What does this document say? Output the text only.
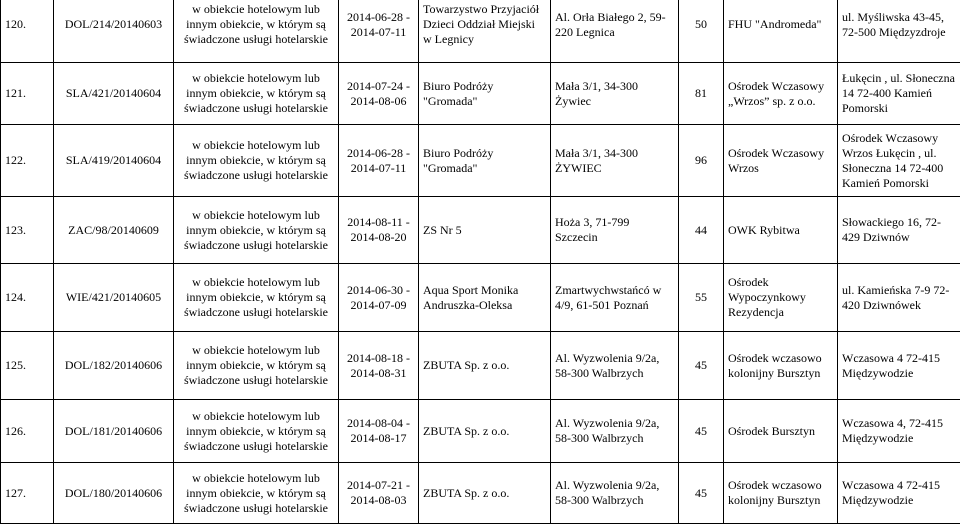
120.	DOL/214/20140603	w obiekcie hotelowym lub innym obiekcie, w którym są świadczone usługi hotelarskie	2014-06-28 - 2014-07-11	Towarzystwo Przyjaciół Dzieci Oddział Miejski w Legnicy	Al. Orła Białego 2, 59-220 Legnica	50	FHU "Andromeda"	ul. Myśliwska 43-45, 72-500 Międzyzdroje
121.	SLA/421/20140604	w obiekcie hotelowym lub innym obiekcie, w którym są świadczone usługi hotelarskie	2014-07-24 - 2014-08-06	Biuro Podróży "Gromada"	Mała 3/1, 34-300 Żywiec	81	Ośrodek Wczasowy „Wrzos” sp. z o.o.	Łukęcin , ul. Słoneczna 14 72-400 Kamień Pomorski
122.	SLA/419/20140604	w obiekcie hotelowym lub innym obiekcie, w którym są świadczone usługi hotelarskie	2014-06-28 - 2014-07-11	Biuro Podróży "Gromada"	Mała 3/1, 34-300 ŻYWIEC	96	Ośrodek Wczasowy Wrzos	Ośrodek Wczasowy Wrzos Łukęcin , ul. Słoneczna 14 72-400 Kamień Pomorski
123.	ZAC/98/20140609	w obiekcie hotelowym lub innym obiekcie, w którym są świadczone usługi hotelarskie	2014-08-11 - 2014-08-20	ZS Nr 5	Hoża 3, 71-799 Szczecin	44	OWK Rybitwa	Słowackiego 16, 72-429 Dziwnów
124.	WIE/421/20140605	w obiekcie hotelowym lub innym obiekcie, w którym są świadczone usługi hotelarskie	2014-06-30 - 2014-07-09	Aqua Sport Monika Andruszka-Oleksa	Zmartwychwstańcó w 4/9, 61-501 Poznań	55	Ośrodek Wypoczynkowy Rezydencja	ul. Kamieńska 7-9 72-420 Dziwnówek
125.	DOL/182/20140606	w obiekcie hotelowym lub innym obiekcie, w którym są świadczone usługi hotelarskie	2014-08-18 - 2014-08-31	ZBUTA Sp. z o.o.	Al. Wyzwolenia 9/2a, 58-300 Walbrzych	45	Ośrodek wczasowo kolonijny Bursztyn	Wczasowa 4 72-415 Międzywodzie
126.	DOL/181/20140606	w obiekcie hotelowym lub innym obiekcie, w którym są świadczone usługi hotelarskie	2014-08-04 - 2014-08-17	ZBUTA Sp. z o.o.	Al. Wyzwolenia 9/2a, 58-300 Walbrzych	45	Ośrodek Bursztyn	Wczasowa 4, 72-415 Międzywodzie
127.	DOL/180/20140606	w obiekcie hotelowym lub innym obiekcie, w którym są świadczone usługi hotelarskie	2014-07-21 - 2014-08-03	ZBUTA Sp. z o.o.	Al. Wyzwolenia 9/2a, 58-300 Walbrzych	45	Ośrodek wczasowo kolonijny Bursztyn	Wczasowa 4 72-415 Międzywodzie
